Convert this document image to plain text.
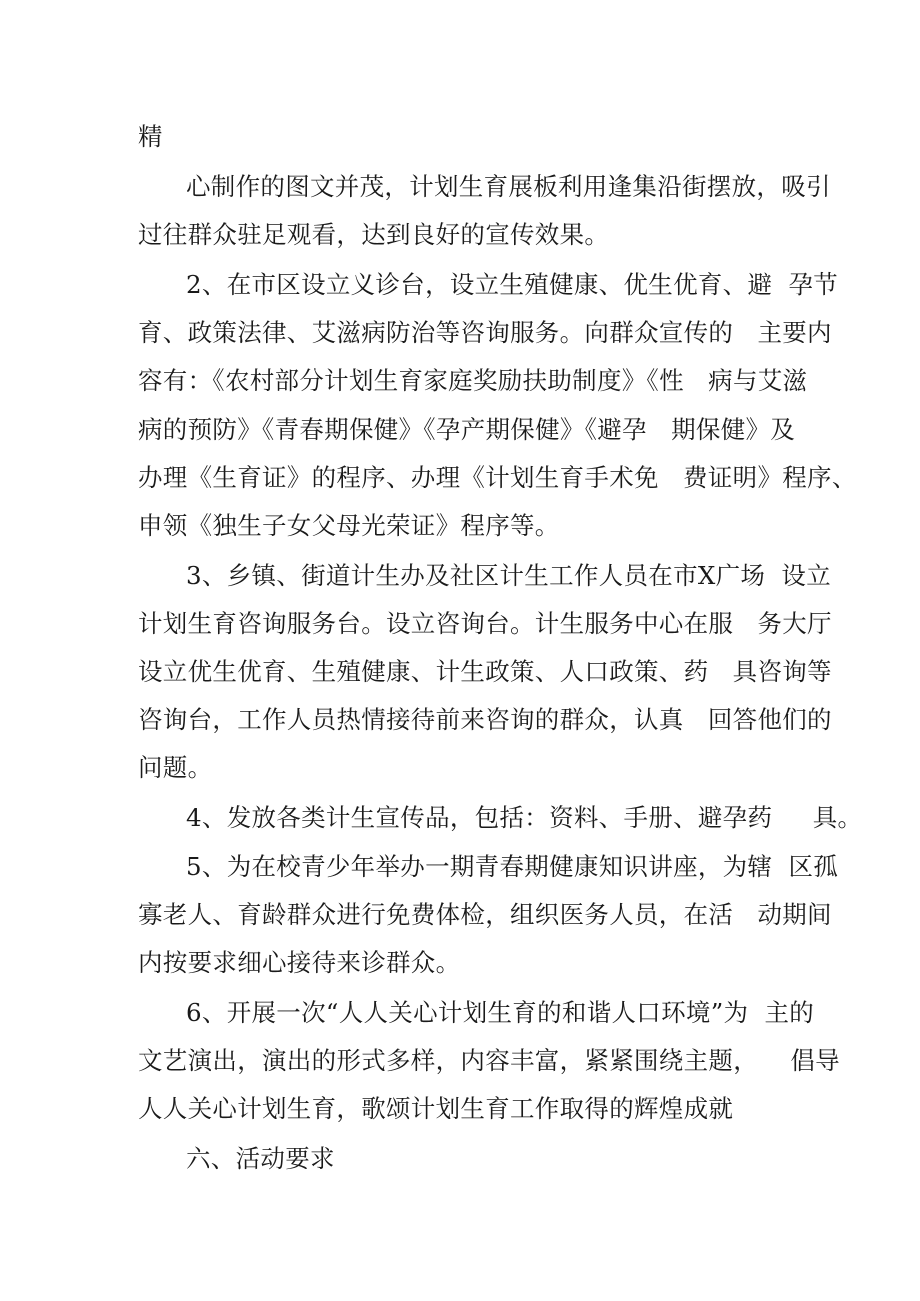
精
心制作的图文并茂，计划生育展板利用逢集沿街摆放，吸引
过往群众驻足观看，达到良好的宣传效果。
2、在市区设立义诊台，设立生殖健康、优生优育、避  孕节
育、政策法律、艾滋病防治等咨询服务。向群众宣传的   主要内
容有：《农村部分计划生育家庭奖励扶助制度》《性   病与艾滋
病的预防》《青春期保健》《孕产期保健》《避孕   期保健》及
办理《生育证》的程序、办理《计划生育手术免   费证明》程序、
申领《独生子女父母光荣证》程序等。
3、乡镇、街道计生办及社区计生工作人员在市X广场  设立
计划生育咨询服务台。设立咨询台。计生服务中心在服   务大厅
设立优生优育、生殖健康、计生政策、人口政策、药   具咨询等
咨询台，工作人员热情接待前来咨询的群众，认真   回答他们的
问题。
4、发放各类计生宣传品，包括：资料、手册、避孕药     具。
5、为在校青少年举办一期青春期健康知识讲座，为辖  区孤
寡老人、育龄群众进行免费体检，组织医务人员，在活   动期间
内按要求细心接待来诊群众。
6、开展一次“人人关心计划生育的和谐人口环境”为  主的
文艺演出，演出的形式多样，内容丰富，紧紧围绕主题，    倡导
人人关心计划生育，歌颂计划生育工作取得的辉煌成就
六、活动要求
